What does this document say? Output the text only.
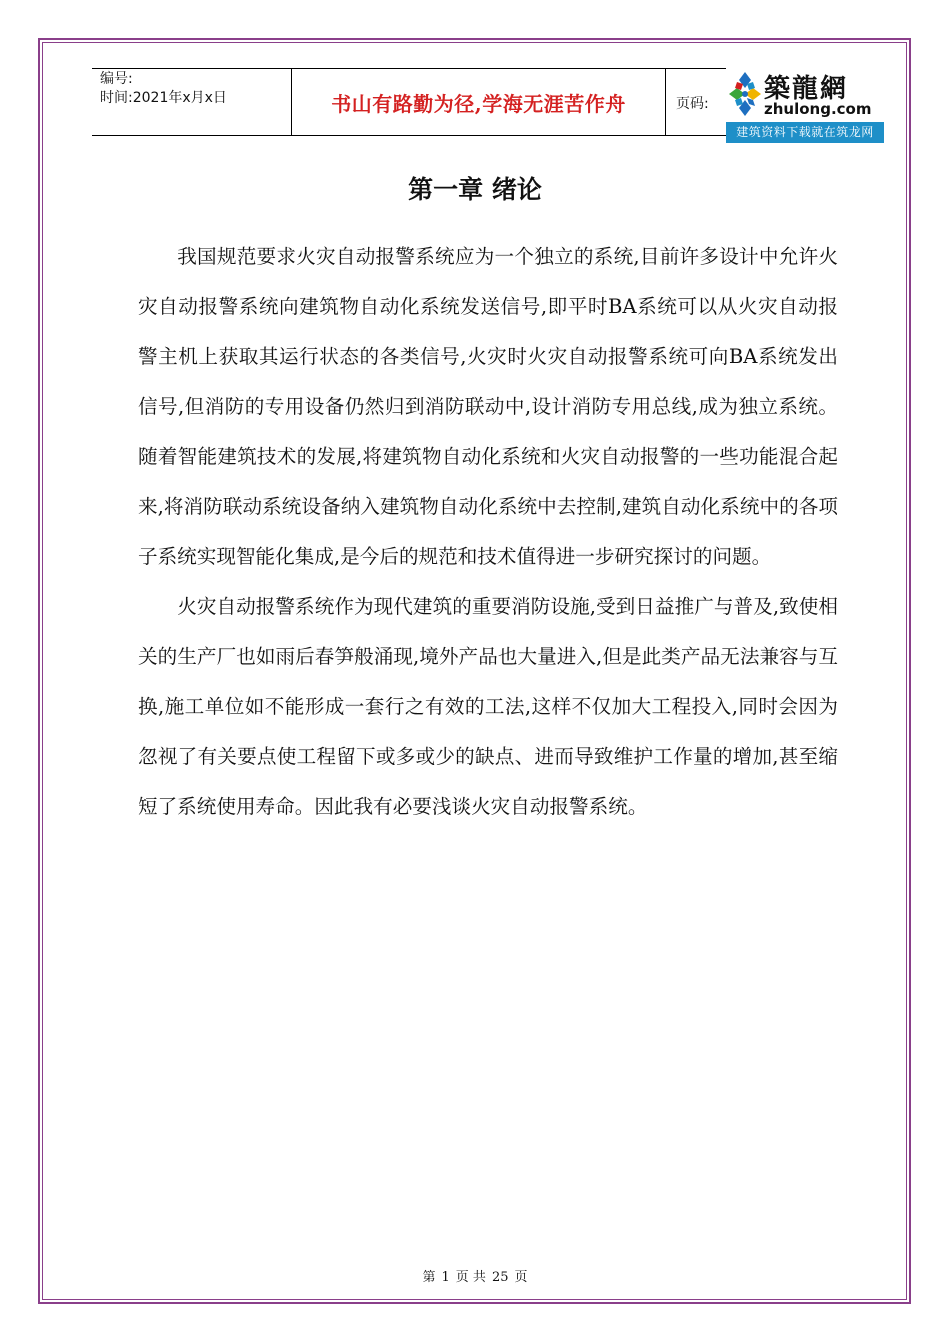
编号:
时间:2021年x月x日	书山有路勤为径,学海无涯苦作舟	页码:	築龍網
zhulong.com
建筑资料下载就在筑龙网
第一章 绪论

我国规范要求火灾自动报警系统应为一个独立的系统,目前许多设计中允许火灾自动报警系统向建筑物自动化系统发送信号,即平时BA系统可以从火灾自动报警主机上获取其运行状态的各类信号,火灾时火灾自动报警系统可向BA系统发出信号,但消防的专用设备仍然归到消防联动中,设计消防专用总线,成为独立系统。随着智能建筑技术的发展,将建筑物自动化系统和火灾自动报警的一些功能混合起来,将消防联动系统设备纳入建筑物自动化系统中去控制,建筑自动化系统中的各项子系统实现智能化集成,是今后的规范和技术值得进一步研究探讨的问题。

火灾自动报警系统作为现代建筑的重要消防设施,受到日益推广与普及,致使相关的生产厂也如雨后春笋般涌现,境外产品也大量进入,但是此类产品无法兼容与互换,施工单位如不能形成一套行之有效的工法,这样不仅加大工程投入,同时会因为忽视了有关要点使工程留下或多或少的缺点、进而导致维护工作量的增加,甚至缩短了系统使用寿命。因此我有必要浅谈火灾自动报警系统。

第 1 页 共 25 页
